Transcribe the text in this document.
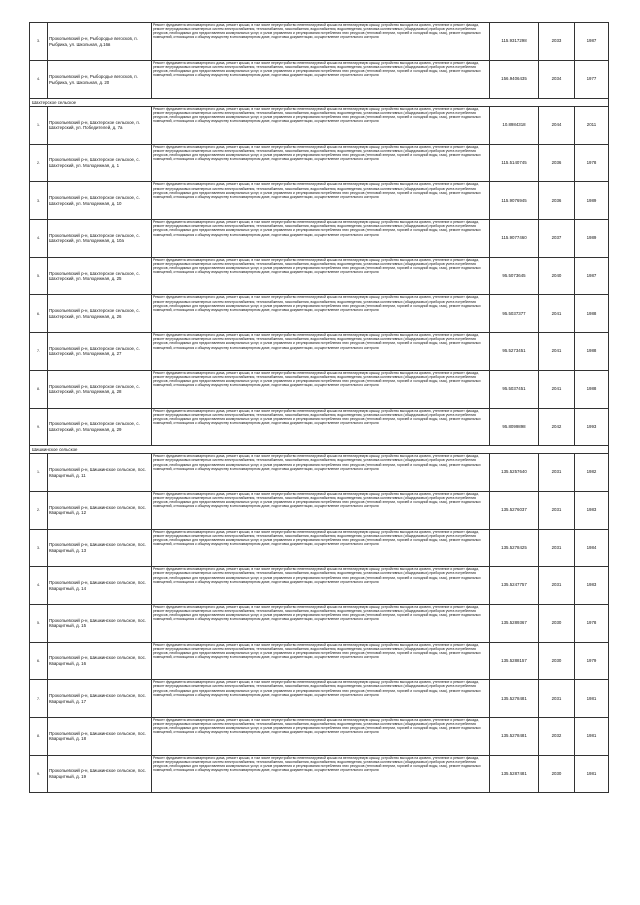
3.	Прокопьевский р-н, Рыбородье вегосков, п. Рыбрика, ул. Школьная, д.16в	Ремонт фундамента многоквартирного дома, ремонт крыши, в том числе переустройство невентилируемой крыши на вентилируемую крышу, устройство выходов на кровлю, утепление и ремонт фасада, ремонт внутридомовых инженерных систем электроснабжения, теплоснабжения, газоснабжения, водоснабжения, водоотведения, установка коллективных (общедомовых) приборов учета потребления ресурсов, необходимых для предоставления коммунальных услуг, и узлов управления и регулирования потребления этих ресурсов (тепловой энергии, горячей и холодной воды, газа), ремонт подвальных помещений, относящихся к общему имуществу в многоквартирном доме, подготовка документации, осуществление строительного контроля	115.9317298	2033	1987
4.	Прокопьевский р-н, Рыбородье вегосков, п. Рыбрика, ул. Школьная, д. 20	Ремонт фундамента многоквартирного дома, ремонт крыши, в том числе переустройство невентилируемой крыши на вентилируемую крышу, устройство выходов на кровлю, утепление и ремонт фасада, ремонт внутридомовых инженерных систем электроснабжения, теплоснабжения, газоснабжения, водоснабжения, водоотведения, установка коллективных (общедомовых) приборов учета потребления ресурсов, необходимых для предоставления коммунальных услуг, и узлов управления и регулирования потребления этих ресурсов (тепловой энергии, горячей и холодной воды, газа), ремонт подвальных помещений, относящихся к общему имуществу в многоквартирном доме, подготовка документации, осуществление строительного контроля	156.9406435	2034	1977
Шахтерское сельское					
1.	Прокопьевский р-н, Шахтерское сельское, п. Шахтерский, ул. Победителей, д. 7а	Ремонт фундамента многоквартирного дома, ремонт крыши, в том числе переустройство невентилируемой крыши на вентилируемую крышу, устройство выходов на кровлю, утепление и ремонт фасада, ремонт внутридомовых инженерных систем электроснабжения, теплоснабжения, газоснабжения, водоснабжения, водоотведения, установка коллективных (общедомовых) приборов учета потребления ресурсов, необходимых для предоставления коммунальных услуг, и узлов управления и регулирования потребления этих ресурсов (тепловой энергии, горячей и холодной воды, газа), ремонт подвальных помещений, относящихся к общему имуществу в многоквартирном доме, подготовка документации, осуществление строительного контроля	10.8984318	2044	2011
2.	Прокопьевский р-н, Шахтерское сельское, с. Шахтерский, ул. Молодежная, д. 1	Ремонт фундамента многоквартирного дома, ремонт крыши, в том числе переустройство невентилируемой крыши на вентилируемую крышу, устройство выходов на кровлю, утепление и ремонт фасада, ремонт внутридомовых инженерных систем электроснабжения, теплоснабжения, газоснабжения, водоснабжения, водоотведения, установка коллективных (общедомовых) приборов учета потребления ресурсов, необходимых для предоставления коммунальных услуг, и узлов управления и регулирования потребления этих ресурсов (тепловой энергии, горячей и холодной воды, газа), ремонт подвальных помещений, относящихся к общему имуществу в многоквартирном доме, подготовка документации, осуществление строительного контроля	115.5140745	2036	1978
3.	Прокопьевский р-н, Шахтерское сельское, с. Шахтерский, ул. Молодежная, д. 10	Ремонт фундамента многоквартирного дома, ремонт крыши, в том числе переустройство невентилируемой крыши на вентилируемую крышу, устройство выходов на кровлю, утепление и ремонт фасада, ремонт внутридомовых инженерных систем электроснабжения, теплоснабжения, газоснабжения, водоснабжения, водоотведения, установка коллективных (общедомовых) приборов учета потребления ресурсов, необходимых для предоставления коммунальных услуг, и узлов управления и регулирования потребления этих ресурсов (тепловой энергии, горячей и холодной воды, газа), ремонт подвальных помещений, относящихся к общему имуществу в многоквартирном доме, подготовка документации, осуществление строительного контроля	115.9076945	2036	1989
4.	Прокопьевский р-н, Шахтерское сельское, с. Шахтерский, ул. Молодежная, д. 10а	Ремонт фундамента многоквартирного дома, ремонт крыши, в том числе переустройство невентилируемой крыши на вентилируемую крышу, устройство выходов на кровлю, утепление и ремонт фасада, ремонт внутридомовых инженерных систем электроснабжения, теплоснабжения, газоснабжения, водоснабжения, водоотведения, установка коллективных (общедомовых) приборов учета потребления ресурсов, необходимых для предоставления коммунальных услуг, и узлов управления и регулирования потребления этих ресурсов (тепловой энергии, горячей и холодной воды, газа), ремонт подвальных помещений, относящихся к общему имуществу в многоквартирном доме, подготовка документации, осуществление строительного контроля	115.9077460	2037	1989
5.	Прокопьевский р-н, Шахтерское сельское, с. Шахтерский, ул. Молодежная, д. 25	Ремонт фундамента многоквартирного дома, ремонт крыши, в том числе переустройство невентилируемой крыши на вентилируемую крышу, устройство выходов на кровлю, утепление и ремонт фасада, ремонт внутридомовых инженерных систем электроснабжения, теплоснабжения, газоснабжения, водоснабжения, водоотведения, установка коллективных (общедомовых) приборов учета потребления ресурсов, необходимых для предоставления коммунальных услуг, и узлов управления и регулирования потребления этих ресурсов (тепловой энергии, горячей и холодной воды, газа), ремонт подвальных помещений, относящихся к общему имуществу в многоквартирном доме, подготовка документации, осуществление строительного контроля	95.5073645	2040	1987
6.	Прокопьевский р-н, Шахтерское сельское, с. Шахтерский, ул. Молодежная, д. 26	Ремонт фундамента многоквартирного дома, ремонт крыши, в том числе переустройство невентилируемой крыши на вентилируемую крышу, устройство выходов на кровлю, утепление и ремонт фасада, ремонт внутридомовых инженерных систем электроснабжения, теплоснабжения, газоснабжения, водоснабжения, водоотведения, установка коллективных (общедомовых) приборов учета потребления ресурсов, необходимых для предоставления коммунальных услуг, и узлов управления и регулирования потребления этих ресурсов (тепловой энергии, горячей и холодной воды, газа), ремонт подвальных помещений, относящихся к общему имуществу в многоквартирном доме, подготовка документации, осуществление строительного контроля	95.5037377	2041	1988
7.	Прокопьевский р-н, Шахтерское сельское, с. Шахтерский, ул. Молодежная, д. 27	Ремонт фундамента многоквартирного дома, ремонт крыши, в том числе переустройство невентилируемой крыши на вентилируемую крышу, устройство выходов на кровлю, утепление и ремонт фасада, ремонт внутридомовых инженерных систем электроснабжения, теплоснабжения, газоснабжения, водоснабжения, водоотведения, установка коллективных (общедомовых) приборов учета потребления ресурсов, необходимых для предоставления коммунальных услуг, и узлов управления и регулирования потребления этих ресурсов (тепловой энергии, горячей и холодной воды, газа), ремонт подвальных помещений, относящихся к общему имуществу в многоквартирном доме, подготовка документации, осуществление строительного контроля	95.5273451	2041	1988
8.	Прокопьевский р-н, Шахтерское сельское, с. Шахтерский, ул. Молодежная, д. 28	Ремонт фундамента многоквартирного дома, ремонт крыши, в том числе переустройство невентилируемой крыши на вентилируемую крышу, устройство выходов на кровлю, утепление и ремонт фасада, ремонт внутридомовых инженерных систем электроснабжения, теплоснабжения, газоснабжения, водоснабжения, водоотведения, установка коллективных (общедомовых) приборов учета потребления ресурсов, необходимых для предоставления коммунальных услуг, и узлов управления и регулирования потребления этих ресурсов (тепловой энергии, горячей и холодной воды, газа), ремонт подвальных помещений, относящихся к общему имуществу в многоквартирном доме, подготовка документации, осуществление строительного контроля	95.5037451	2041	1988
9.	Прокопьевский р-н, Шахтерское сельское, с. Шахтерский, ул. Молодежная, д. 29	Ремонт фундамента многоквартирного дома, ремонт крыши, в том числе переустройство невентилируемой крыши на вентилируемую крышу, устройство выходов на кровлю, утепление и ремонт фасада, ремонт внутридомовых инженерных систем электроснабжения, теплоснабжения, газоснабжения, водоснабжения, водоотведения, установка коллективных (общедомовых) приборов учета потребления ресурсов, необходимых для предоставления коммунальных услуг, и узлов управления и регулирования потребления этих ресурсов (тепловой энергии, горячей и холодной воды, газа), ремонт подвальных помещений, относящихся к общему имуществу в многоквартирном доме, подготовка документации, осуществление строительного контроля	95.8099898	2042	1993
Шишкинское сельское					
1.	Прокопьевский р-н, Шишкинское сельское, пос. Кварцитный, д. 11	Ремонт фундамента многоквартирного дома, ремонт крыши, в том числе переустройство невентилируемой крыши на вентилируемую крышу, устройство выходов на кровлю, утепление и ремонт фасада, ремонт внутридомовых инженерных систем электроснабжения, теплоснабжения, газоснабжения, водоснабжения, водоотведения, установка коллективных (общедомовых) приборов учета потребления ресурсов, необходимых для предоставления коммунальных услуг, и узлов управления и регулирования потребления этих ресурсов (тепловой энергии, горячей и холодной воды, газа), ремонт подвальных помещений, относящихся к общему имуществу в многоквартирном доме, подготовка документации, осуществление строительного контроля	135.5257640	2031	1982
2.	Прокопьевский р-н, Шишкинское сельское, пос. Кварцитный, д. 12	Ремонт фундамента многоквартирного дома, ремонт крыши, в том числе переустройство невентилируемой крыши на вентилируемую крышу, устройство выходов на кровлю, утепление и ремонт фасада, ремонт внутридомовых инженерных систем электроснабжения, теплоснабжения, газоснабжения, водоснабжения, водоотведения, установка коллективных (общедомовых) приборов учета потребления ресурсов, необходимых для предоставления коммунальных услуг, и узлов управления и регулирования потребления этих ресурсов (тепловой энергии, горячей и холодной воды, газа), ремонт подвальных помещений, относящихся к общему имуществу в многоквартирном доме, подготовка документации, осуществление строительного контроля	135.5276037	2031	1983
3.	Прокопьевский р-н, Шишкинское сельское, пос. Кварцитный, д. 13	Ремонт фундамента многоквартирного дома, ремонт крыши, в том числе переустройство невентилируемой крыши на вентилируемую крышу, устройство выходов на кровлю, утепление и ремонт фасада, ремонт внутридомовых инженерных систем электроснабжения, теплоснабжения, газоснабжения, водоснабжения, водоотведения, установка коллективных (общедомовых) приборов учета потребления ресурсов, необходимых для предоставления коммунальных услуг, и узлов управления и регулирования потребления этих ресурсов (тепловой энергии, горячей и холодной воды, газа), ремонт подвальных помещений, относящихся к общему имуществу в многоквартирном доме, подготовка документации, осуществление строительного контроля	135.5278425	2031	1984
4.	Прокопьевский р-н, Шишкинское сельское, пос. Кварцитный, д. 14	Ремонт фундамента многоквартирного дома, ремонт крыши, в том числе переустройство невентилируемой крыши на вентилируемую крышу, устройство выходов на кровлю, утепление и ремонт фасада, ремонт внутридомовых инженерных систем электроснабжения, теплоснабжения, газоснабжения, водоснабжения, водоотведения, установка коллективных (общедомовых) приборов учета потребления ресурсов, необходимых для предоставления коммунальных услуг, и узлов управления и регулирования потребления этих ресурсов (тепловой энергии, горячей и холодной воды, газа), ремонт подвальных помещений, относящихся к общему имуществу в многоквартирном доме, подготовка документации, осуществление строительного контроля	135.5247757	2031	1983
5.	Прокопьевский р-н, Шишкинское сельское, пос. Кварцитный, д. 15	Ремонт фундамента многоквартирного дома, ремонт крыши, в том числе переустройство невентилируемой крыши на вентилируемую крышу, устройство выходов на кровлю, утепление и ремонт фасада, ремонт внутридомовых инженерных систем электроснабжения, теплоснабжения, газоснабжения, водоснабжения, водоотведения, установка коллективных (общедомовых) приборов учета потребления ресурсов, необходимых для предоставления коммунальных услуг, и узлов управления и регулирования потребления этих ресурсов (тепловой энергии, горячей и холодной воды, газа), ремонт подвальных помещений, относящихся к общему имуществу в многоквартирном доме, подготовка документации, осуществление строительного контроля	135.5289367	2030	1978
6.	Прокопьевский р-н, Шишкинское сельское, пос. Кварцитный, д. 16	Ремонт фундамента многоквартирного дома, ремонт крыши, в том числе переустройство невентилируемой крыши на вентилируемую крышу, устройство выходов на кровлю, утепление и ремонт фасада, ремонт внутридомовых инженерных систем электроснабжения, теплоснабжения, газоснабжения, водоснабжения, водоотведения, установка коллективных (общедомовых) приборов учета потребления ресурсов, необходимых для предоставления коммунальных услуг, и узлов управления и регулирования потребления этих ресурсов (тепловой энергии, горячей и холодной воды, газа), ремонт подвальных помещений, относящихся к общему имуществу в многоквартирном доме, подготовка документации, осуществление строительного контроля	135.5288157	2030	1979
7.	Прокопьевский р-н, Шишкинское сельское, пос. Кварцитный, д. 17	Ремонт фундамента многоквартирного дома, ремонт крыши, в том числе переустройство невентилируемой крыши на вентилируемую крышу, устройство выходов на кровлю, утепление и ремонт фасада, ремонт внутридомовых инженерных систем электроснабжения, теплоснабжения, газоснабжения, водоснабжения, водоотведения, установка коллективных (общедомовых) приборов учета потребления ресурсов, необходимых для предоставления коммунальных услуг, и узлов управления и регулирования потребления этих ресурсов (тепловой энергии, горячей и холодной воды, газа), ремонт подвальных помещений, относящихся к общему имуществу в многоквартирном доме, подготовка документации, осуществление строительного контроля	135.5278481	2031	1981
8.	Прокопьевский р-н, Шишкинское сельское, пос. Кварцитный, д. 18	Ремонт фундамента многоквартирного дома, ремонт крыши, в том числе переустройство невентилируемой крыши на вентилируемую крышу, устройство выходов на кровлю, утепление и ремонт фасада, ремонт внутридомовых инженерных систем электроснабжения, теплоснабжения, газоснабжения, водоснабжения, водоотведения, установка коллективных (общедомовых) приборов учета потребления ресурсов, необходимых для предоставления коммунальных услуг, и узлов управления и регулирования потребления этих ресурсов (тепловой энергии, горячей и холодной воды, газа), ремонт подвальных помещений, относящихся к общему имуществу в многоквартирном доме, подготовка документации, осуществление строительного контроля	135.5278481	2032	1981
9.	Прокопьевский р-н, Шишкинское сельское, пос. Кварцитный, д. 19	Ремонт фундамента многоквартирного дома, ремонт крыши, в том числе переустройство невентилируемой крыши на вентилируемую крышу, устройство выходов на кровлю, утепление и ремонт фасада, ремонт внутридомовых инженерных систем электроснабжения, теплоснабжения, газоснабжения, водоснабжения, водоотведения, установка коллективных (общедомовых) приборов учета потребления ресурсов, необходимых для предоставления коммунальных услуг, и узлов управления и регулирования потребления этих ресурсов (тепловой энергии, горячей и холодной воды, газа), ремонт подвальных помещений, относящихся к общему имуществу в многоквартирном доме, подготовка документации, осуществление строительного контроля	135.5287481	2030	1981
